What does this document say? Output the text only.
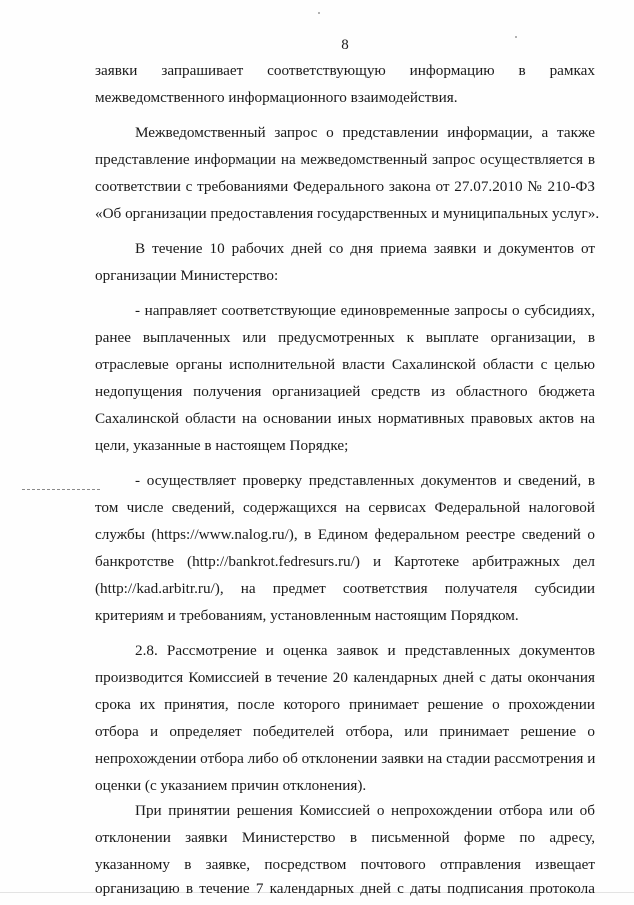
8
заявки запрашивает соответствующую информацию в рамках
межведомственного информационного взаимодействия.
Межведомственный запрос о представлении информации, а также
представление информации на межведомственный запрос осуществляется в
соответствии с требованиями Федерального закона от 27.07.2010 № 210-ФЗ
«Об организации предоставления государственных и муниципальных услуг».
В течение 10 рабочих дней со дня приема заявки и документов от
организации Министерство:
- направляет соответствующие единовременные запросы о субсидиях,
ранее выплаченных или предусмотренных к выплате организации, в
отраслевые органы исполнительной власти Сахалинской области с целью
недопущения получения организацией средств из областного бюджета
Сахалинской области на основании иных нормативных правовых актов на
цели, указанные в настоящем Порядке;
- осуществляет проверку представленных документов и сведений, в
том числе сведений, содержащихся на сервисах Федеральной налоговой
службы (https://www.nalog.ru/), в Едином федеральном реестре сведений о
банкротстве (http://bankrot.fedresurs.ru/) и Картотеке арбитражных дел
(http://kad.arbitr.ru/), на предмет соответствия получателя субсидии
критериям и требованиям, установленным настоящим Порядком.
2.8. Рассмотрение и оценка заявок и представленных документов
производится Комиссией в течение 20 календарных дней с даты окончания
срока их принятия, после которого принимает решение о прохождении
отбора и определяет победителей отбора, или принимает решение о
непрохождении отбора либо об отклонении заявки на стадии рассмотрения и
оценки (с указанием причин отклонения).
При принятии решения Комиссией о непрохождении отбора или об
отклонении заявки Министерство в письменной форме по адресу,
указанному в заявке, посредством почтового отправления извещает
организацию в течение 7 календарных дней с даты подписания протокола
